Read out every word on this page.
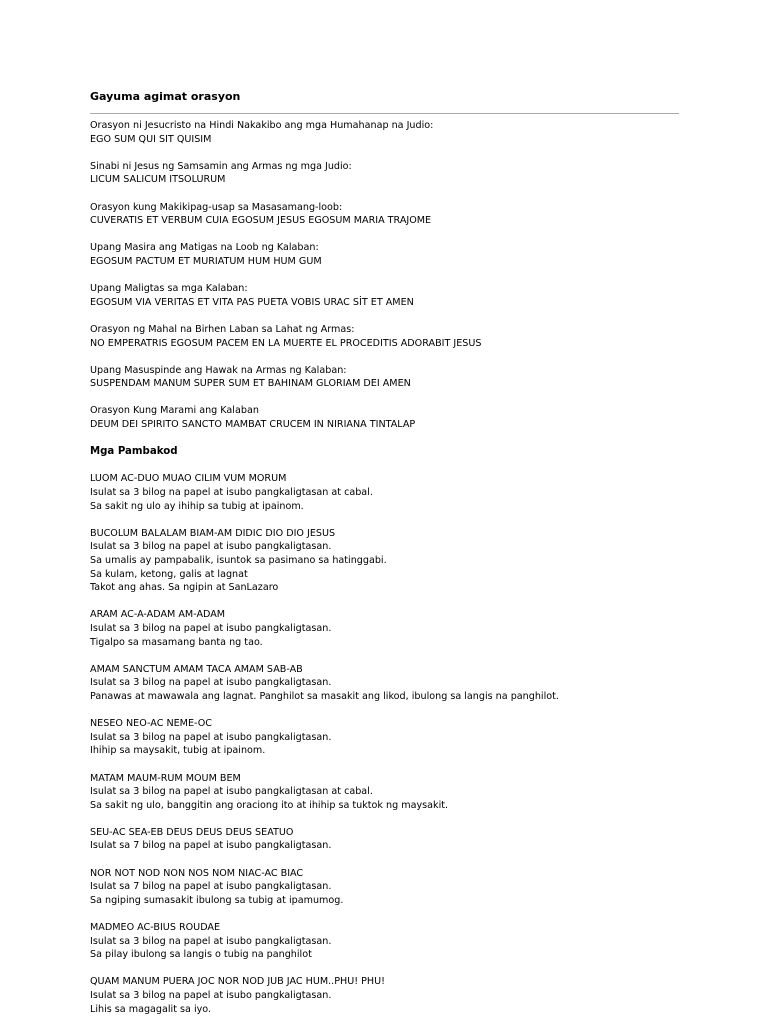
Gayuma agimat orasyon
Orasyon ni Jesucristo na Hindi Nakakibo ang mga Humahanap na Judio:
EGO SUM QUI SIT QUISIM
Sinabi ni Jesus ng Samsamin ang Armas ng mga Judio:
LICUM SALICUM ITSOLURUM
Orasyon kung Makikipag-usap sa Masasamang-loob:
CUVERATIS ET VERBUM CUIA EGOSUM JESUS EGOSUM MARIA TRAJOME
Upang Masira ang Matigas na Loob ng Kalaban:
EGOSUM PACTUM ET MURIATUM HUM HUM GUM
Upang Maligtas sa mga Kalaban:
EGOSUM VIA VERITAS ET VITA PAS PUETA VOBIS URAC SİT ET AMEN
Orasyon ng Mahal na Birhen Laban sa Lahat ng Armas:
NO EMPERATRIS EGOSUM PACEM EN LA MUERTE EL PROCEDITIS ADORABIT JESUS
Upang Masuspinde ang Hawak na Armas ng Kalaban:
SUSPENDAM MANUM SUPER SUM ET BAHINAM GLORIAM DEI AMEN
Orasyon Kung Marami ang Kalaban
DEUM DEI SPIRITO SANCTO MAMBAT CRUCEM IN NIRIANA TINTALAP
Mga Pambakod
LUOM AC-DUO MUAO CILIM VUM MORUM
Isulat sa 3 bilog na papel at isubo pangkaligtasan at cabal.
Sa sakit ng ulo ay ihihip sa tubig at ipainom.
BUCOLUM BALALAM BIAM-AM DIDIC DIO DIO JESUS
Isulat sa 3 bilog na papel at isubo pangkaligtasan.
Sa umalis ay pampabalik, isuntok sa pasimano sa hatinggabi.
Sa kulam, ketong, galis at lagnat
Takot ang ahas. Sa ngipin at SanLazaro
ARAM AC-A-ADAM AM-ADAM
Isulat sa 3 bilog na papel at isubo pangkaligtasan.
Tigalpo sa masamang banta ng tao.
AMAM SANCTUM AMAM TACA AMAM SAB-AB
Isulat sa 3 bilog na papel at isubo pangkaligtasan.
Panawas at mawawala ang lagnat. Panghilot sa masakit ang likod, ibulong sa langis na panghilot.
NESEO NEO-AC NEME-OC
Isulat sa 3 bilog na papel at isubo pangkaligtasan.
Ihihip sa maysakit, tubig at ipainom.
MATAM MAUM-RUM MOUM BEM
Isulat sa 3 bilog na papel at isubo pangkaligtasan at cabal.
Sa sakit ng ulo, banggitin ang oraciong ito at ihihip sa tuktok ng maysakit.
SEU-AC SEA-EB DEUS DEUS DEUS SEATUO
Isulat sa 7 bilog na papel at isubo pangkaligtasan.
NOR NOT NOD NON NOS NOM NIAC-AC BIAC
Isulat sa 7 bilog na papel at isubo pangkaligtasan.
Sa ngiping sumasakit ibulong sa tubig at ipamumog.
MADMEO AC-BIUS ROUDAE
Isulat sa 3 bilog na papel at isubo pangkaligtasan.
Sa pilay ibulong sa langis o tubig na panghilot
QUAM MANUM PUERA JOC NOR NOD JUB JAC HUM..PHU! PHU!
Isulat sa 3 bilog na papel at isubo pangkaligtasan.
Lihis sa magagalit sa iyo.
